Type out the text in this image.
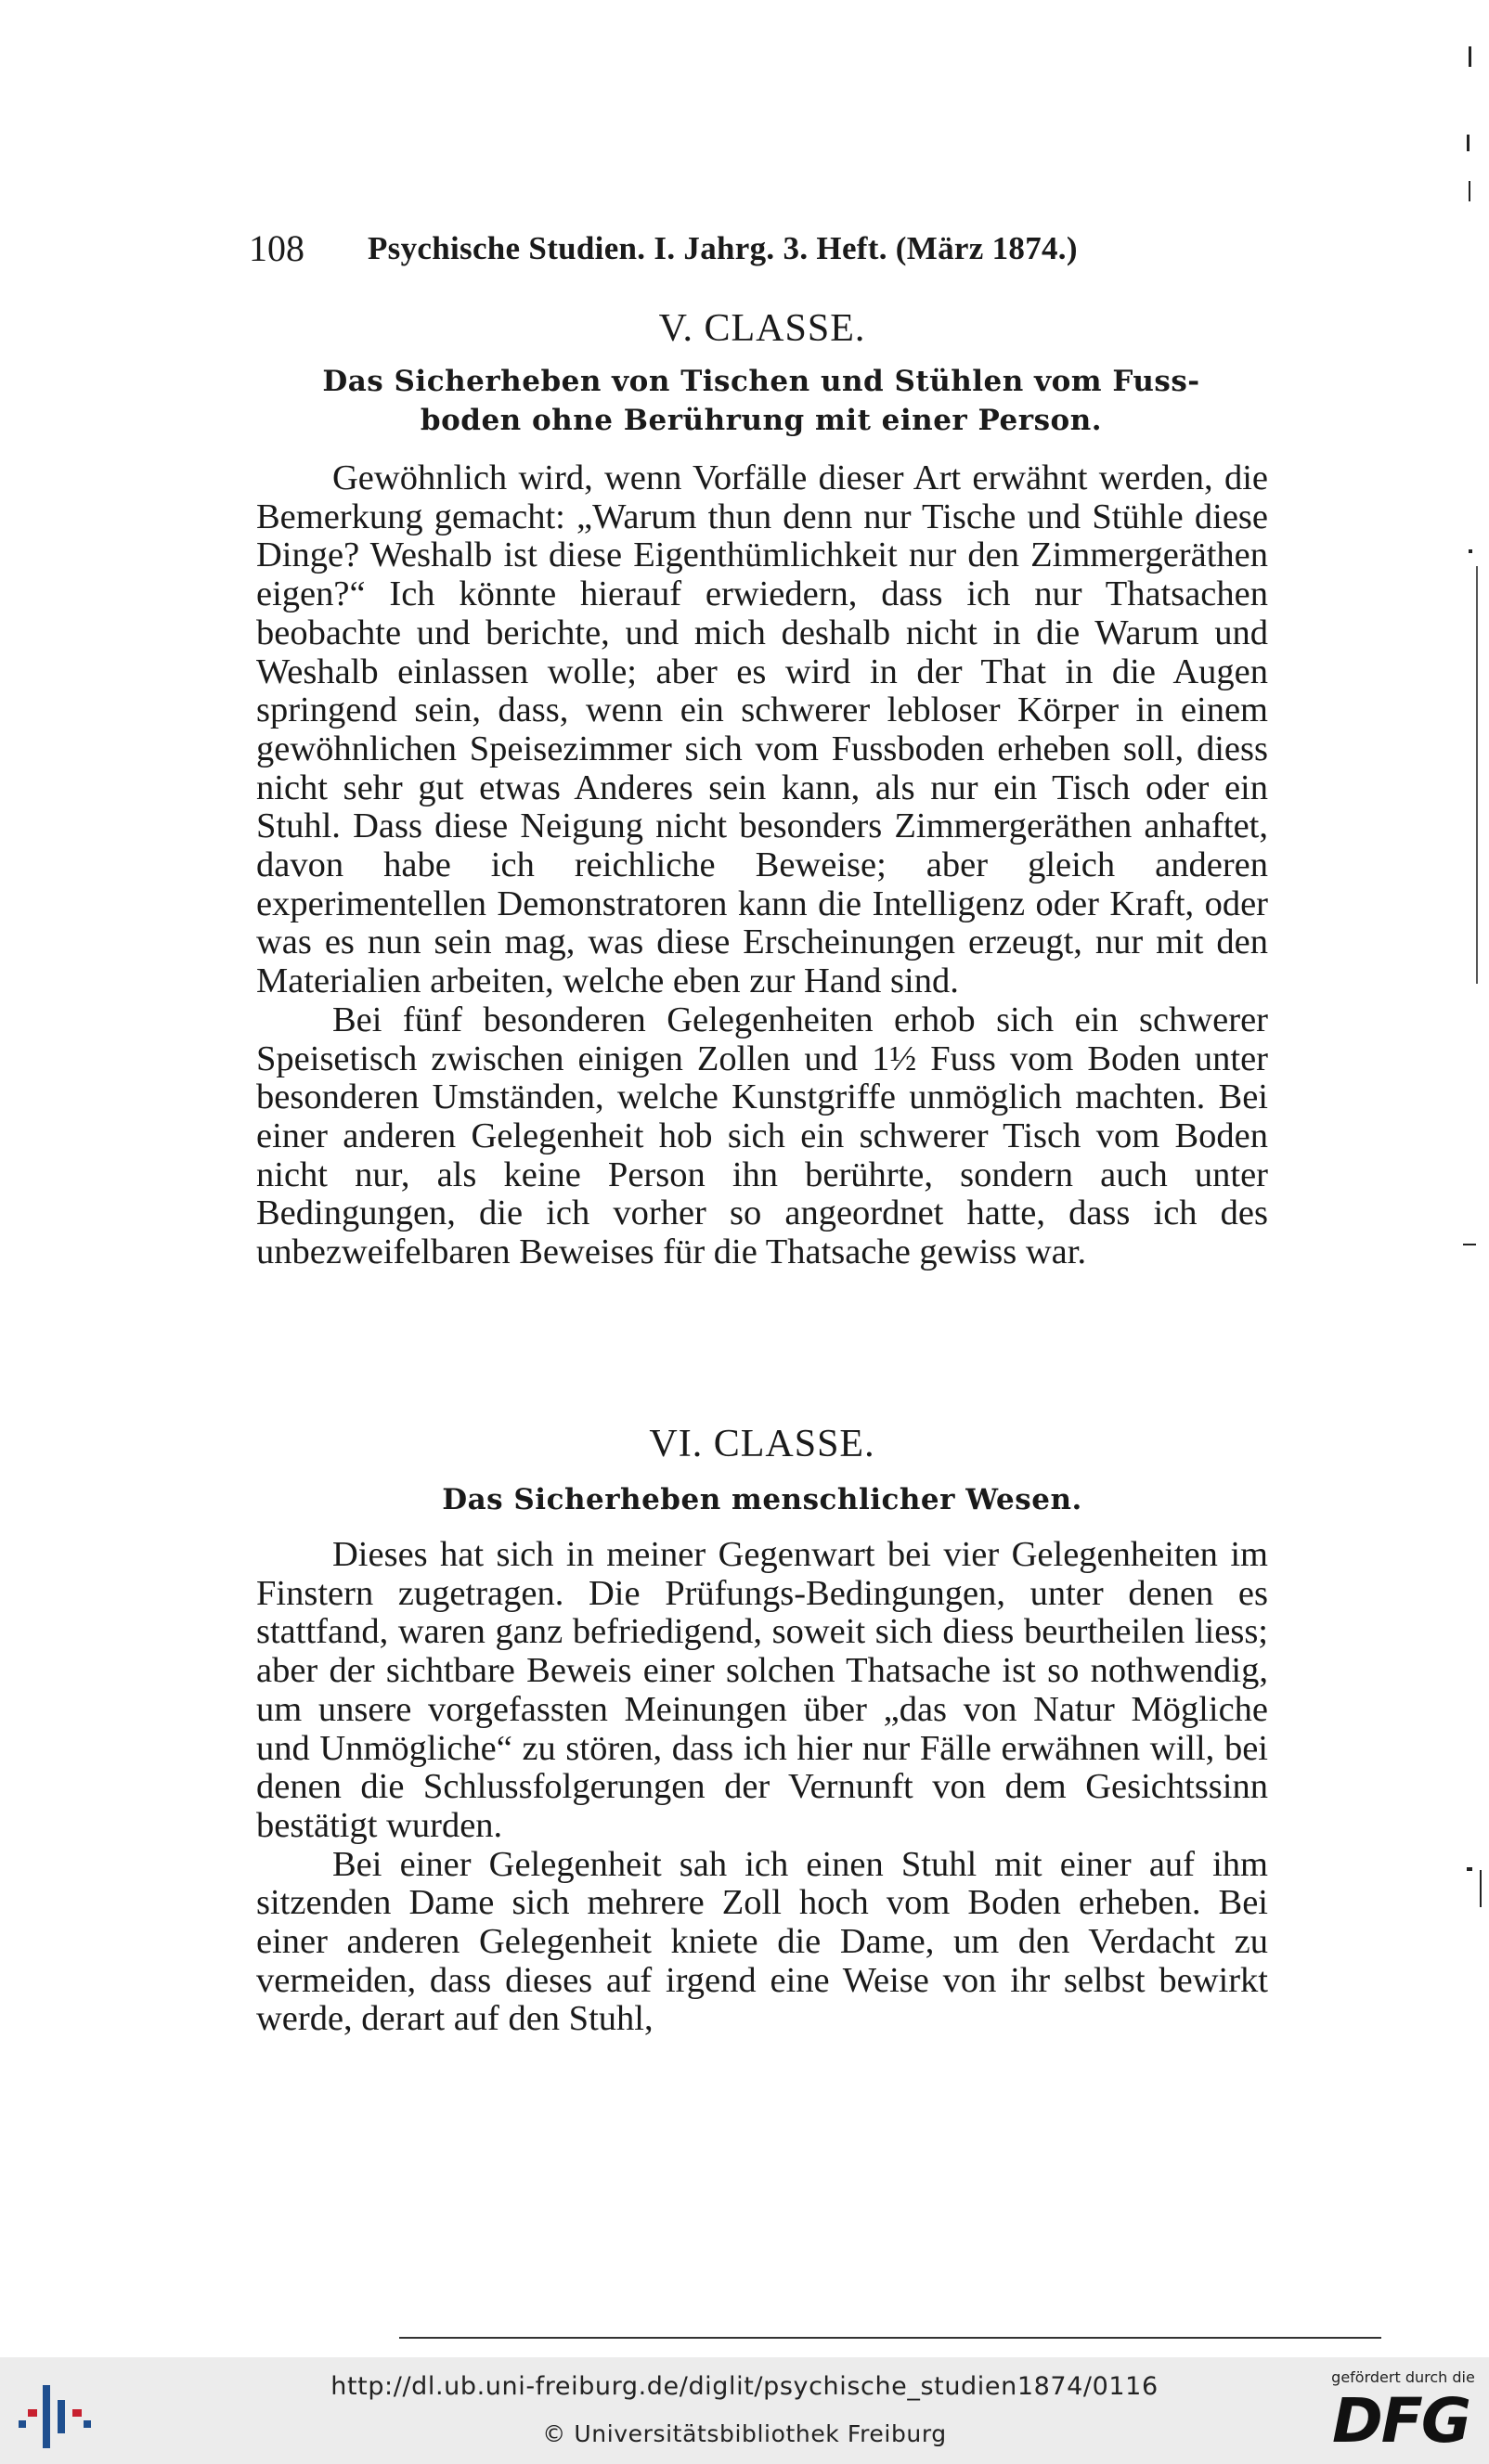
108 Psychische Studien. I. Jahrg. 3. Heft. (März 1874.)
V. CLASSE.
Das Sicherheben von Tischen und Stühlen vom Fuss-
boden ohne Berührung mit einer Person.

Gewöhnlich wird, wenn Vorfälle dieser Art erwähnt werden, die Bemerkung gemacht: „Warum thun denn nur Tische und Stühle diese Dinge? Weshalb ist diese Eigenthümlichkeit nur den Zimmergeräthen eigen?“ Ich könnte hierauf erwiedern, dass ich nur Thatsachen beobachte und berichte, und mich deshalb nicht in die Warum und Weshalb einlassen wolle; aber es wird in der That in die Augen springend sein, dass, wenn ein schwerer lebloser Körper in einem gewöhnlichen Speisezimmer sich vom Fussboden erheben soll, diess nicht sehr gut etwas Anderes sein kann, als nur ein Tisch oder ein Stuhl. Dass diese Neigung nicht besonders Zimmergeräthen anhaftet, davon habe ich reichliche Beweise; aber gleich anderen experimentellen Demonstratoren kann die Intelligenz oder Kraft, oder was es nun sein mag, was diese Erscheinungen erzeugt, nur mit den Materialien arbeiten, welche eben zur Hand sind.

Bei fünf besonderen Gelegenheiten erhob sich ein schwerer Speisetisch zwischen einigen Zollen und 1½ Fuss vom Boden unter besonderen Umständen, welche Kunstgriffe unmöglich machten. Bei einer anderen Gelegenheit hob sich ein schwerer Tisch vom Boden nicht nur, als keine Person ihn berührte, sondern auch unter Bedingungen, die ich vorher so angeordnet hatte, dass ich des unbezweifelbaren Beweises für die Thatsache gewiss war.

VI. CLASSE.
Das Sicherheben menschlicher Wesen.

Dieses hat sich in meiner Gegenwart bei vier Gelegenheiten im Finstern zugetragen. Die Prüfungs-Bedingungen, unter denen es stattfand, waren ganz befriedigend, soweit sich diess beurtheilen liess; aber der sichtbare Beweis einer solchen Thatsache ist so nothwendig, um unsere vorgefassten Meinungen über „das von Natur Mögliche und Unmögliche“ zu stören, dass ich hier nur Fälle erwähnen will, bei denen die Schlussfolgerungen der Vernunft von dem Gesichtssinn bestätigt wurden.

Bei einer Gelegenheit sah ich einen Stuhl mit einer auf ihm sitzenden Dame sich mehrere Zoll hoch vom Boden erheben. Bei einer anderen Gelegenheit kniete die Dame, um den Verdacht zu vermeiden, dass dieses auf irgend eine Weise von ihr selbst bewirkt werde, derart auf den Stuhl,

http://dl.ub.uni-freiburg.de/diglit/psychische_studien1874/0116
© Universitätsbibliothek Freiburg
gefördert durch die
DFG
